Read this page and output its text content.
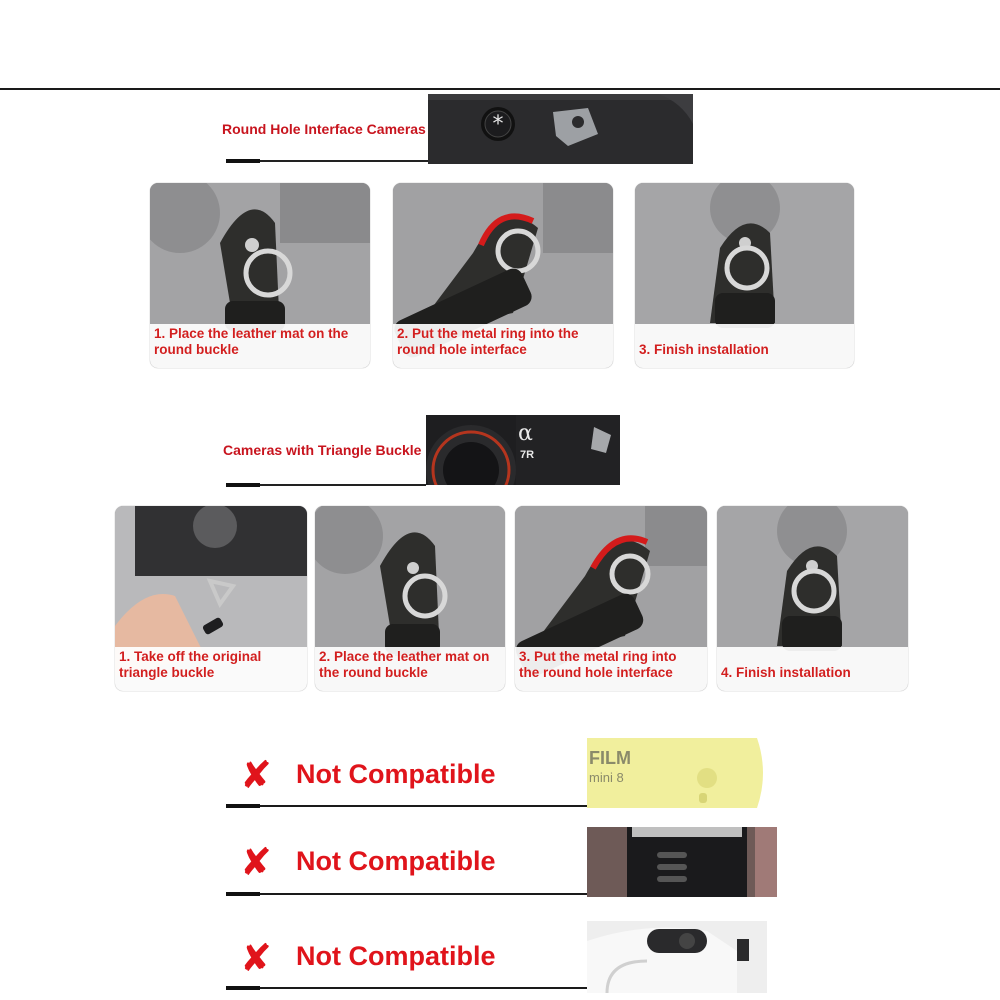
Round Hole Interface Cameras	*
1. Place the leather mat on the
round buckle
2. Put the metal ring into the
round hole interface	3. Finish installation
Cameras with Triangle Buckle
α
7R
1. Take off the original
triangle buckle
2. Place the leather mat on
the round buckle
3. Put the metal ring into
the round hole interface	4. Finish installation
✘ Not Compatible
FILM
mini 8
✘ Not Compatible
✘ Not Compatible
